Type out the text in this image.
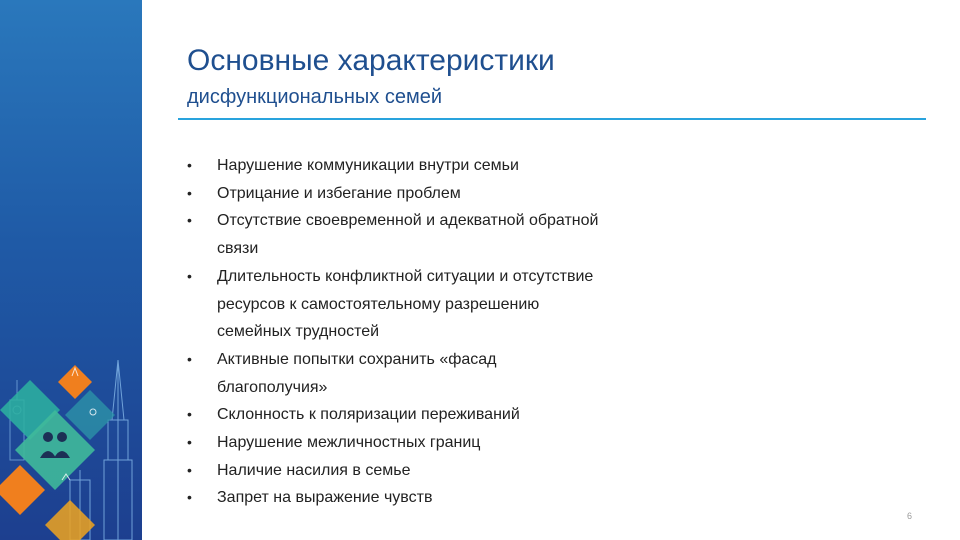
Основные характеристики
дисфункциональных семей
• Нарушение коммуникации внутри семьи
• Отрицание и избегание проблем
• Отсутствие своевременной и адекватной обратной связи
• Длительность конфликтной ситуации и отсутствие ресурсов к самостоятельному разрешению семейных трудностей
• Активные попытки сохранить «фасад благополучия»
• Склонность к поляризации переживаний
• Нарушение межличностных границ
• Наличие насилия в семье
• Запрет на выражение чувств
6
